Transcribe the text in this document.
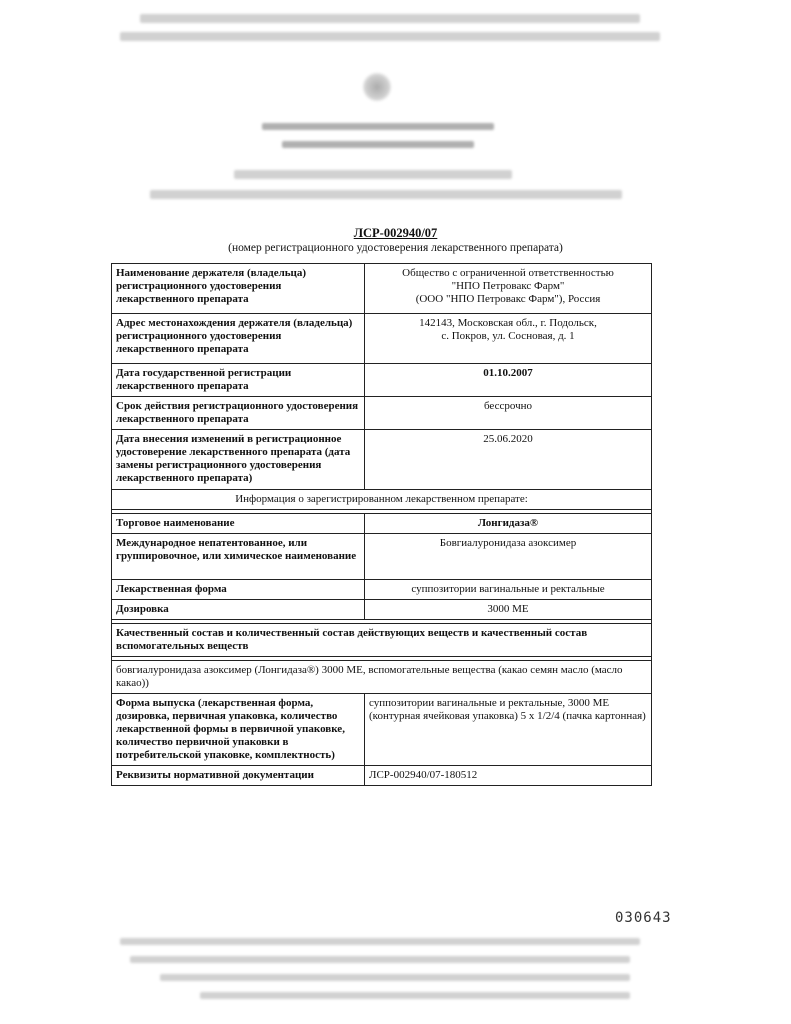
ЛСР-002940/07
(номер регистрационного удостоверения лекарственного препарата)
Наименование держателя (владельца) регистрационного удостоверения лекарственного препарата	Общество с ограниченной ответственностью
"НПО Петровакс Фарм"
(ООО "НПО Петровакс Фарм"), Россия

Адрес местонахождения держателя (владельца) регистрационного удостоверения лекарственного препарата	142143, Московская обл., г. Подольск,
с. Покров, ул. Сосновая, д. 1

Дата государственной регистрации лекарственного препарата	01.10.2007
Срок действия регистрационного удостоверения лекарственного препарата	бессрочно
Дата внесения изменений в регистрационное удостоверение лекарственного препарата (дата замены регистрационного удостоверения лекарственного препарата)	25.06.2020
Информация о зарегистрированном лекарственном препарате:	

Торговое наименование	Лонгидаза®
Международное непатентованное, или группировочное, или химическое наименование	Бовгиалуронидаза азоксимер
Лекарственная форма	суппозитории вагинальные и ректальные
Дозировка	3000 МЕ

Качественный состав и количественный состав действующих веществ и качественный состав вспомогательных веществ	

бовгиалуронидаза азоксимер (Лонгидаза®) 3000 МЕ, вспомогательные вещества (какао семян масло (масло какао))	
Форма выпуска (лекарственная форма, дозировка, первичная упаковка, количество лекарственной формы в первичной упаковке, количество первичной упаковки в потребительской упаковке, комплектность)	суппозитории вагинальные и ректальные, 3000 МЕ (контурная ячейковая упаковка) 5 x 1/2/4 (пачка картонная)
Реквизиты нормативной документации	ЛСР-002940/07-180512
030643
